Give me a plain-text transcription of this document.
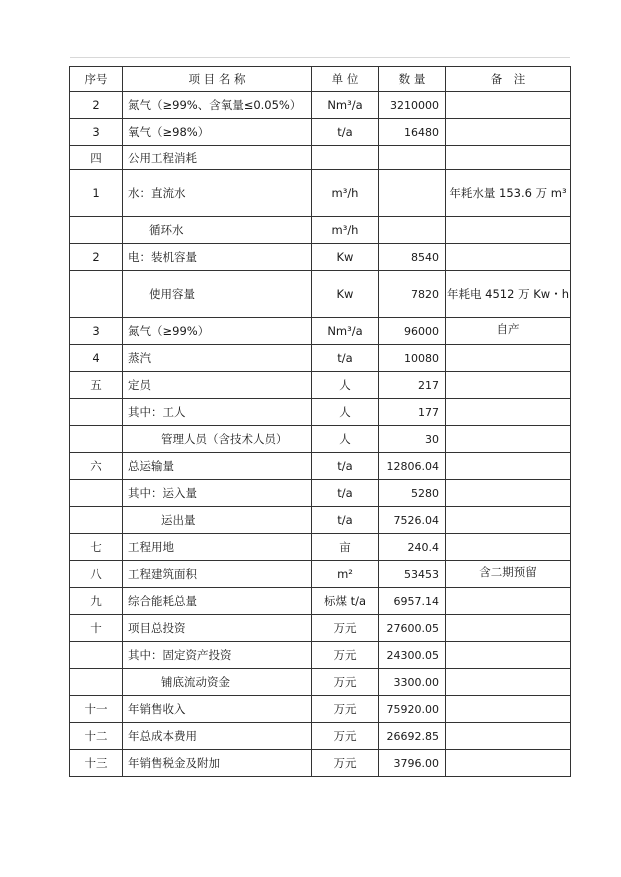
序号	项 目 名 称	单 位	数 量	备　注
2	氮气（≥99%、含氧量≤0.05%）	Nm³/a	3210000	
3	氧气（≥98%）	t/a	16480	
四	公用工程消耗			
1	水：直流水	m³/h		年耗水量 153.6 万 m³
	循环水	m³/h		
2	电：装机容量	Kw	8540	
	使用容量	Kw	7820	年耗电 4512 万 Kw・h
3	氮气（≥99%）	Nm³/a	96000	自产
4	蒸汽	t/a	10080	
五	定员	人	217	
	其中：工人	人	177	
	管理人员（含技术人员）	人	30	
六	总运输量	t/a	12806.04	
	其中：运入量	t/a	5280	
	运出量	t/a	7526.04	
七	工程用地	亩	240.4	
八	工程建筑面积	m²	53453	含二期预留
九	综合能耗总量	标煤 t/a	6957.14	
十	项目总投资	万元	27600.05	
	其中：固定资产投资	万元	24300.05	
	铺底流动资金	万元	3300.00	
十一	年销售收入	万元	75920.00	
十二	年总成本费用	万元	26692.85	
十三	年销售税金及附加	万元	3796.00	
